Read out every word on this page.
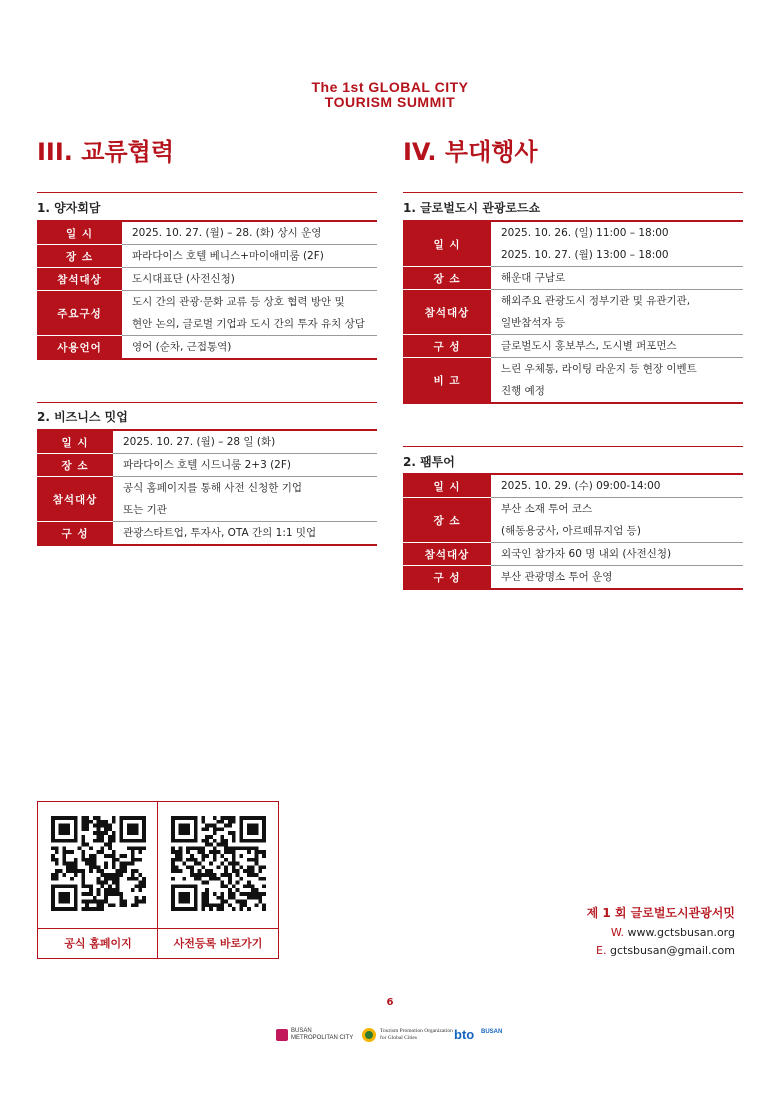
The 1st GLOBAL CITY
TOURISM SUMMIT
III. 교류협력	IV. 부대행사
1. 양자회담
일 시	2025. 10. 27. (월) – 28. (화) 상시 운영

장 소	파라다이스 호텔 베니스+마이애미룸 (2F)

참석대상	도시대표단 (사전신청)

주요구성	도시 간의 관광·문화 교류 등 상호 협력 방안 및
현안 논의, 글로벌 기업과 도시 간의 투자 유치 상담

사용언어	영어 (순차, 근접통역)
2. 비즈니스 밋업
일 시	2025. 10. 27. (월) – 28 일 (화)

장 소	파라다이스 호텔 시드니룸 2+3 (2F)

참석대상	공식 홈페이지를 통해 사전 신청한 기업
또는 기관

구 성	관광스타트업, 투자사, OTA 간의 1:1 밋업
1. 글로벌도시 관광로드쇼
일 시	2025. 10. 26. (일) 11:00 – 18:00
2025. 10. 27. (월) 13:00 – 18:00

장 소	해운대 구남로

참석대상	해외주요 관광도시 정부기관 및 유관기관,
일반참석자 등

구 성	글로벌도시 홍보부스, 도시별 퍼포먼스

비 고	느린 우체통, 라이팅 라운지 등 현장 이벤트
진행 예정
2. 팸투어
일 시	2025. 10. 29. (수) 09:00-14:00

장 소	부산 소재 투어 코스
(해동용궁사, 아르떼뮤지엄 등)

참석대상	외국인 참가자 60 명 내외 (사전신청)

구 성	부산 관광명소 투어 운영
공식 홈페이지	사전등록 바로가기
제 1 회 글로벌도시관광서밋
W. www.gctsbusan.org
E. gctsbusan@gmail.com
6
BUSAN
METROPOLITAN CITY
Tourism Promotion Organization
for Global Cities	bto BUSAN
